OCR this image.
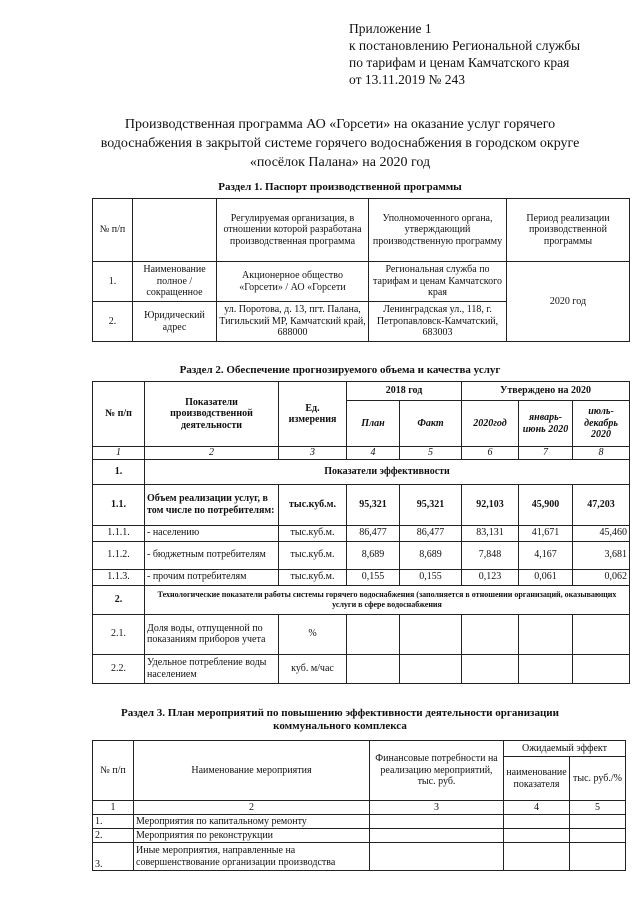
Приложение 1
к постановлению Региональной службы
по тарифам и ценам Камчатского края
от 13.11.2019 № 243
Производственная программа АО «Горсети» на оказание услуг горячего
водоснабжения в закрытой системе горячего водоснабжения в городском округе
«посёлок Палана» на 2020 год
Раздел 1. Паспорт производственной программы
№ п/п		Регулируемая организация, в отношении которой разработана производственная программа	Уполномоченного органа, утверждающий производственную программу	Период реализации производственной программы
1.	Наименование полное / сокращенное	Акционерное общество «Горсети» / АО «Горсети	Региональная служба по тарифам и ценам Камчатского края	2020 год
2.	Юридический адрес	ул. Поротова, д. 13, пгт. Палана, Тигильский МР, Камчатский край, 688000	Ленинградская ул., 118, г. Петропавловск-Камчатский, 683003	
Раздел 2. Обеспечение прогнозируемого объема и качества услуг
№ п/п	Показатели производственной деятельности	Ед. измерения	2018 год		Утверждено на 2020		
			План	Факт	2020год	январь-июнь 2020	июль-декабрь 2020
1	2	3	4	5	6	7	8
1.	Показатели эффективности						
1.1.	Объем реализации услуг, в том числе по потребителям:	тыс.куб.м.	95,321	95,321	92,103	45,900	47,203
1.1.1.	- населению	тыс.куб.м.	86,477	86,477	83,131	41,671	45,460
1.1.2.	- бюджетным потребителям	тыс.куб.м.	8,689	8,689	7,848	4,167	3,681
1.1.3.	- прочим потребителям	тыс.куб.м.	0,155	0,155	0,123	0,061	0,062
2.	Технологические показатели работы системы горячего водоснабжения (заполняется в отношении организаций, оказывающих услуги в сфере водоснабжения						
2.1.	Доля воды, отпущенной по показаниям приборов учета	%					
2.2.	Удельное потребление воды населением	куб. м/час					
Раздел 3. План мероприятий по повышению эффективности деятельности организации
коммунального комплекса
№ п/п	Наименование мероприятия	Финансовые потребности на реализацию мероприятий, тыс. руб.	Ожидаемый эффект	
			наименование показателя	тыс. руб./%
1	2	3	4	5
1.	Мероприятия по капитальному ремонту			
2.	Мероприятия по реконструкции			
3.	Иные мероприятия, направленные на совершенствование организации производства			
